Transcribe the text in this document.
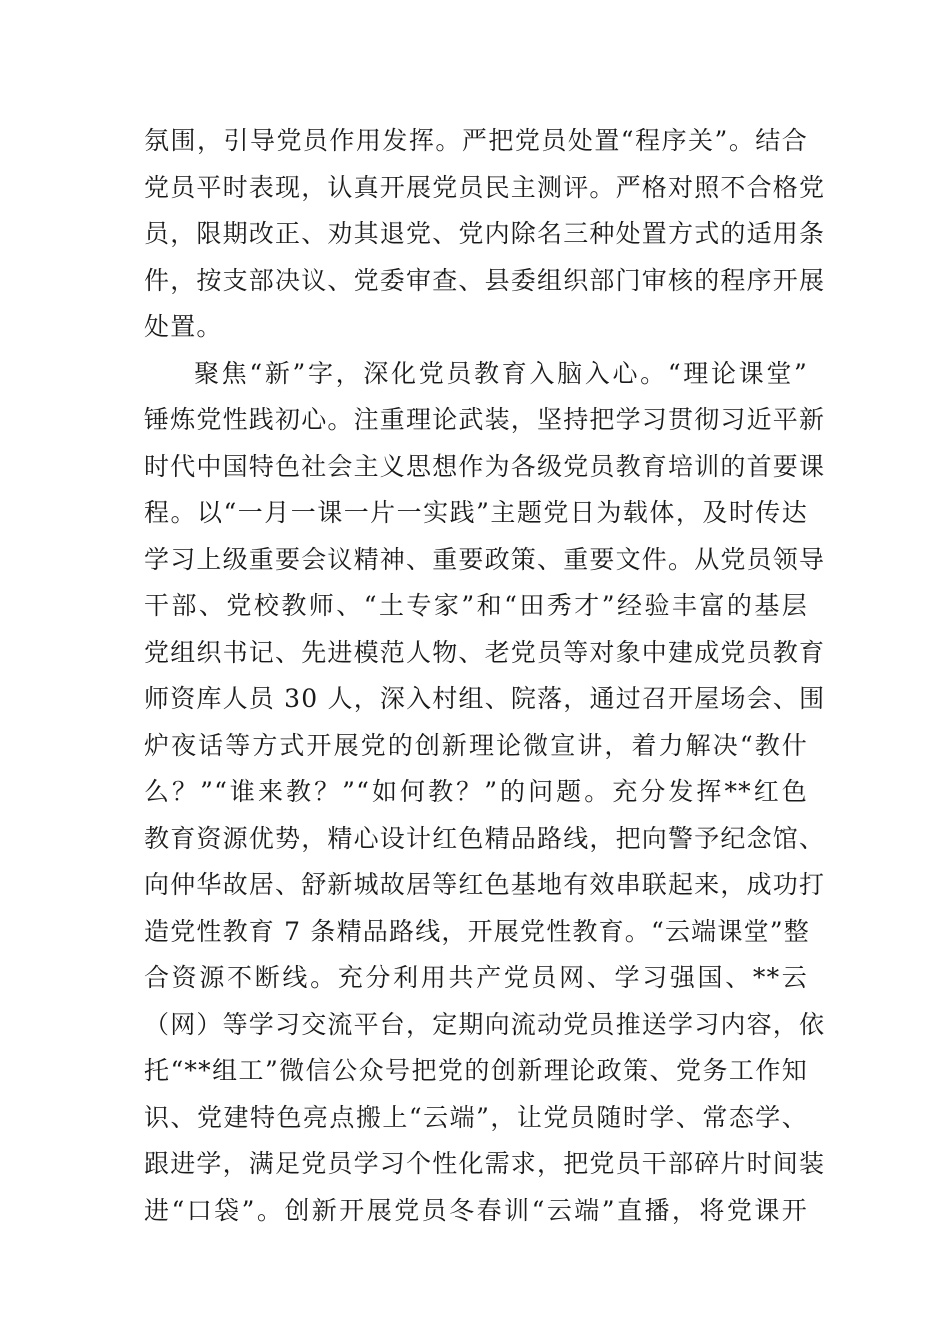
氛围，引导党员作用发挥。严把党员处置“程序关”。结合
党员平时表现，认真开展党员民主测评。严格对照不合格党
员，限期改正、劝其退党、党内除名三种处置方式的适用条
件，按支部决议、党委审查、县委组织部门审核的程序开展
处置。
聚焦“新”字，深化党员教育入脑入心。“理论课堂”
锤炼党性践初心。注重理论武装，坚持把学习贯彻习近平新
时代中国特色社会主义思想作为各级党员教育培训的首要课
程。以“一月一课一片一实践”主题党日为载体，及时传达
学习上级重要会议精神、重要政策、重要文件。从党员领导
干部、党校教师、“土专家”和“田秀才”经验丰富的基层
党组织书记、先进模范人物、老党员等对象中建成党员教育
师资库人员 30 人，深入村组、院落，通过召开屋场会、围
炉夜话等方式开展党的创新理论微宣讲，着力解决“教什
么？”“谁来教？”“如何教？”的问题。充分发挥**红色
教育资源优势，精心设计红色精品路线，把向警予纪念馆、
向仲华故居、舒新城故居等红色基地有效串联起来，成功打
造党性教育 7 条精品路线，开展党性教育。“云端课堂”整
合资源不断线。充分利用共产党员网、学习强国、**云
（网）等学习交流平台，定期向流动党员推送学习内容，依
托“**组工”微信公众号把党的创新理论政策、党务工作知
识、党建特色亮点搬上“云端”，让党员随时学、常态学、
跟进学，满足党员学习个性化需求，把党员干部碎片时间装
进“口袋”。创新开展党员冬春训“云端”直播，将党课开
